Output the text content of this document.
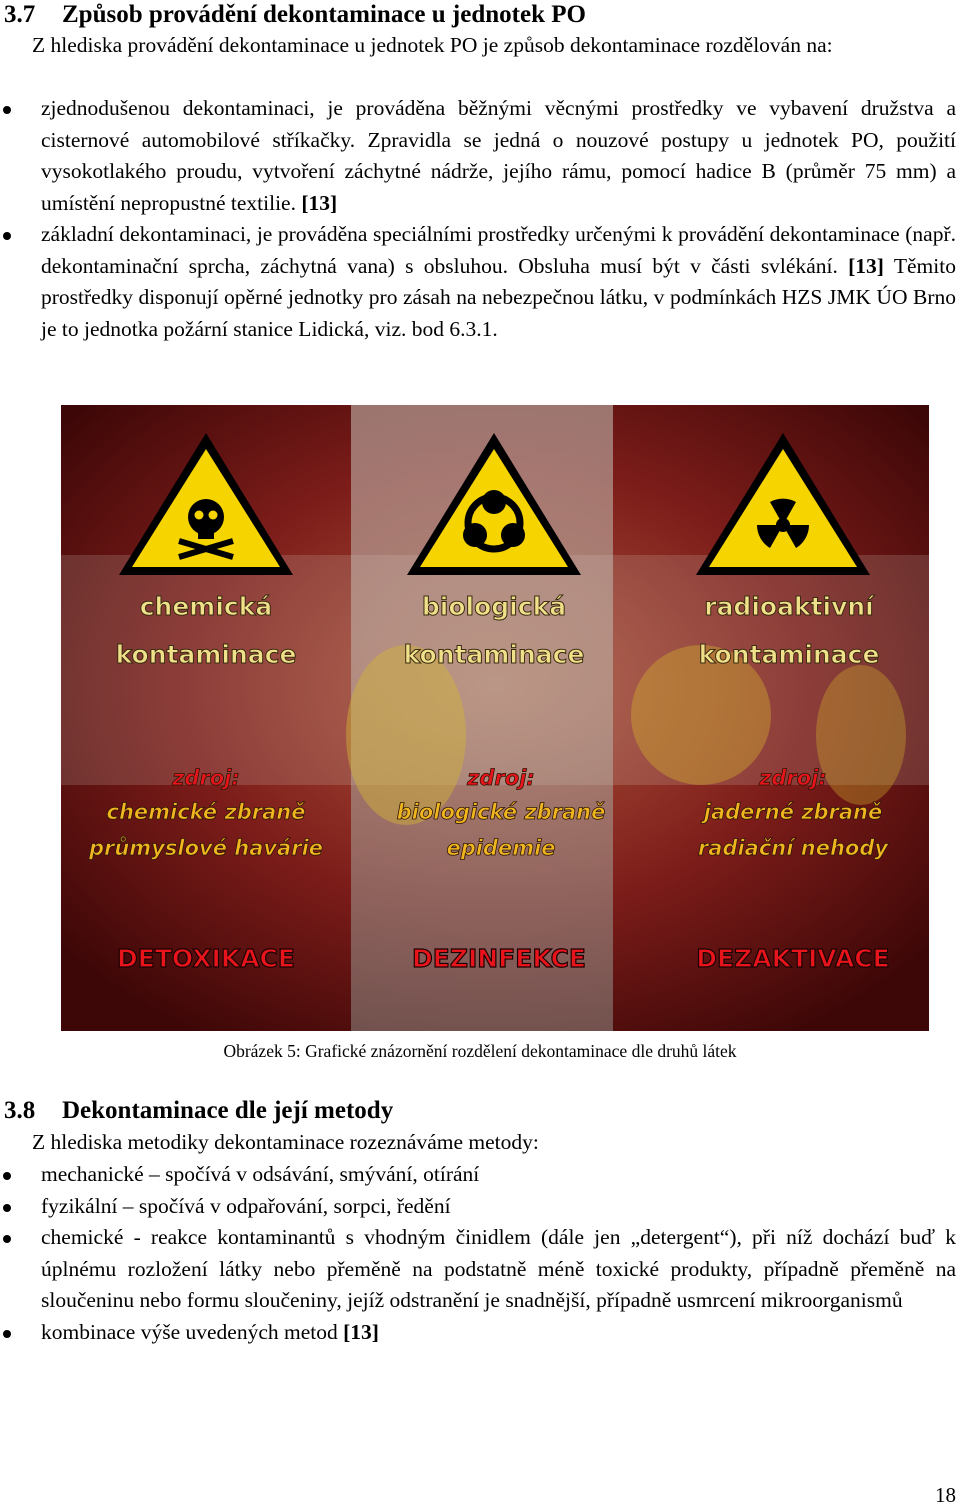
3.7 Způsob provádění dekontaminace u jednotek PO

Z hlediska provádění dekontaminace u jednotek PO je způsob dekontaminace rozdělován na:

zjednodušenou dekontaminaci, je prováděna běžnými věcnými prostředky ve vybavení družstva a cisternové automobilové stříkačky. Zpravidla se jedná o nouzové postupy u jednotek PO, použití vysokotlakého proudu, vytvoření záchytné nádrže, jejího rámu, pomocí hadice B (průměr 75 mm) a umístění nepropustné textilie. [13]
základní dekontaminaci, je prováděna speciálními prostředky určenými k provádění dekontaminace (např. dekontaminační sprcha, záchytná vana) s obsluhou. Obsluha musí být v části svlékání. [13] Těmito prostředky disponují opěrné jednotky pro zásah na nebezpečnou látku, v podmínkách HZS JMK ÚO Brno je to jednotka požární stanice Lidická, viz. bod 6.3.1.
chemická
kontaminace
biologická
kontaminace
radioaktivní
kontaminace
zdroj:
chemické zbraně
průmyslové havárie
zdroj:
biologické zbraně
epidemie
zdroj:
jaderné zbraně
radiační nehody
DETOXIKACE	DEZINFEKCE	DEZAKTIVACE
Obrázek 5: Grafické znázornění rozdělení dekontaminace dle druhů látek
3.8 Dekontaminace dle její metody

Z hlediska metodiky dekontaminace rozeznáváme metody:

mechanické – spočívá v odsávání, smývání, otírání
fyzikální – spočívá v odpařování, sorpci, ředění
chemické - reakce kontaminantů s vhodným činidlem (dále jen „detergent“), při níž dochází buď k úplnému rozložení látky nebo přeměně na podstatně méně toxické produkty, případně přeměně na sloučeninu nebo formu sloučeniny, jejíž odstranění je snadnější, případně usmrcení mikroorganismů
kombinace výše uvedených metod [13]
18
